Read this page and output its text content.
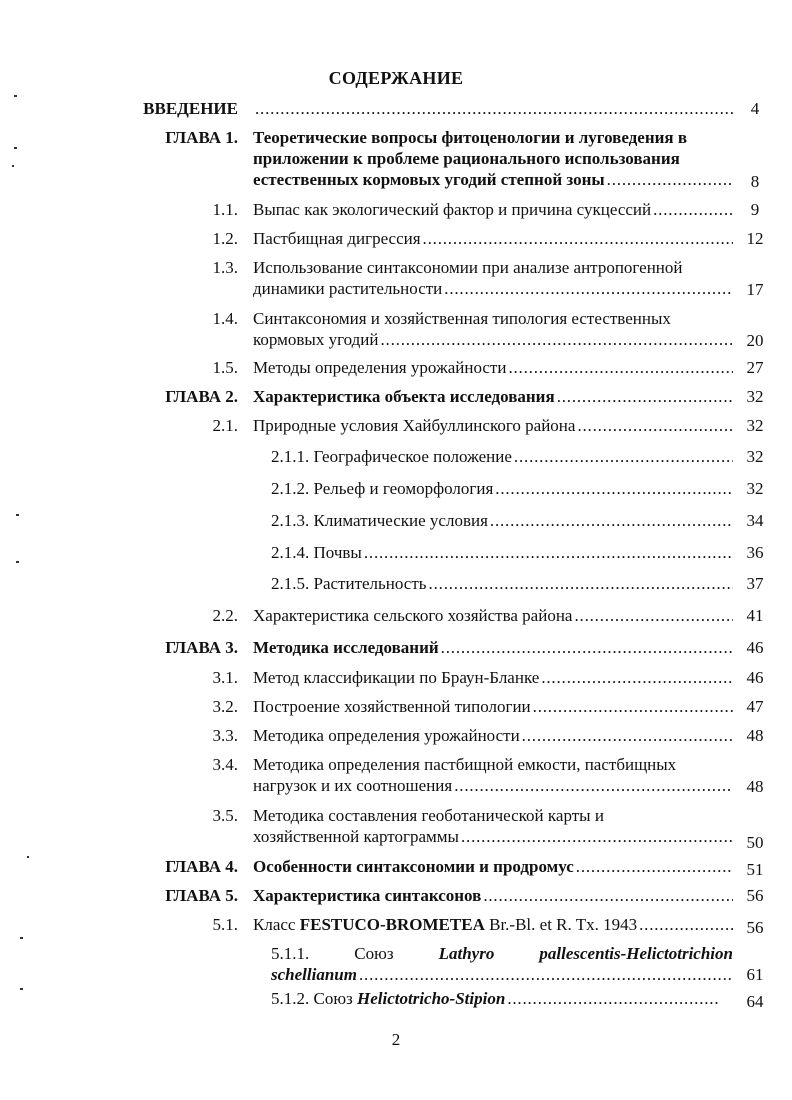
СОДЕРЖАНИЕ
ВВЕДЕНИЕ .....	4
ГЛАВА 1. Теоретические вопросы фитоценологии и луговедения в
приложении к проблеме рационального использования
естественных кормовых угодий степной зоны .....	8
1.1. Выпас как экологический фактор и причина сукцессий .....	9
1.2. Пастбищная дигрессия .....	12
1.3. Использование синтаксономии при анализе антропогенной
динамики растительности .....	17
1.4. Синтаксономия и хозяйственная типология естественных
кормовых угодий .....	20
1.5. Методы определения урожайности .....	27
ГЛАВА 2. Характеристика объекта исследования .....	32
2.1. Природные условия Хайбуллинского района .....	32
2.1.1. Географическое положение .....	32
2.1.2. Рельеф и геоморфология .....	32
2.1.3. Климатические условия .....	34
2.1.4. Почвы .....	36
2.1.5. Растительность .....	37
2.2. Характеристика сельского хозяйства района .....	41
ГЛАВА 3. Методика исследований .....	46
3.1. Метод классификации по Браун-Бланке .....	46
3.2. Построение хозяйственной типологии .....	47
3.3. Методика определения урожайности .....	48
3.4. Методика определения пастбищной емкости, пастбищных
нагрузок и их соотношения .....	48
3.5. Методика составления геоботанической карты и
хозяйственной картограммы .....	50
ГЛАВА 4. Особенности синтаксономии и продромус .....	51
ГЛАВА 5. Характеристика синтаксонов .....	56
5.1. Класс FESTUCO-BROMETEA Br.-Bl. et R. Tx. 1943 .....	56
5.1.1.	Союз	Lathyro	pallescentis-Helictotrichion
schellianum .....	61
5.1.2. Союз Helictotricho-Stipion .....	64
2
